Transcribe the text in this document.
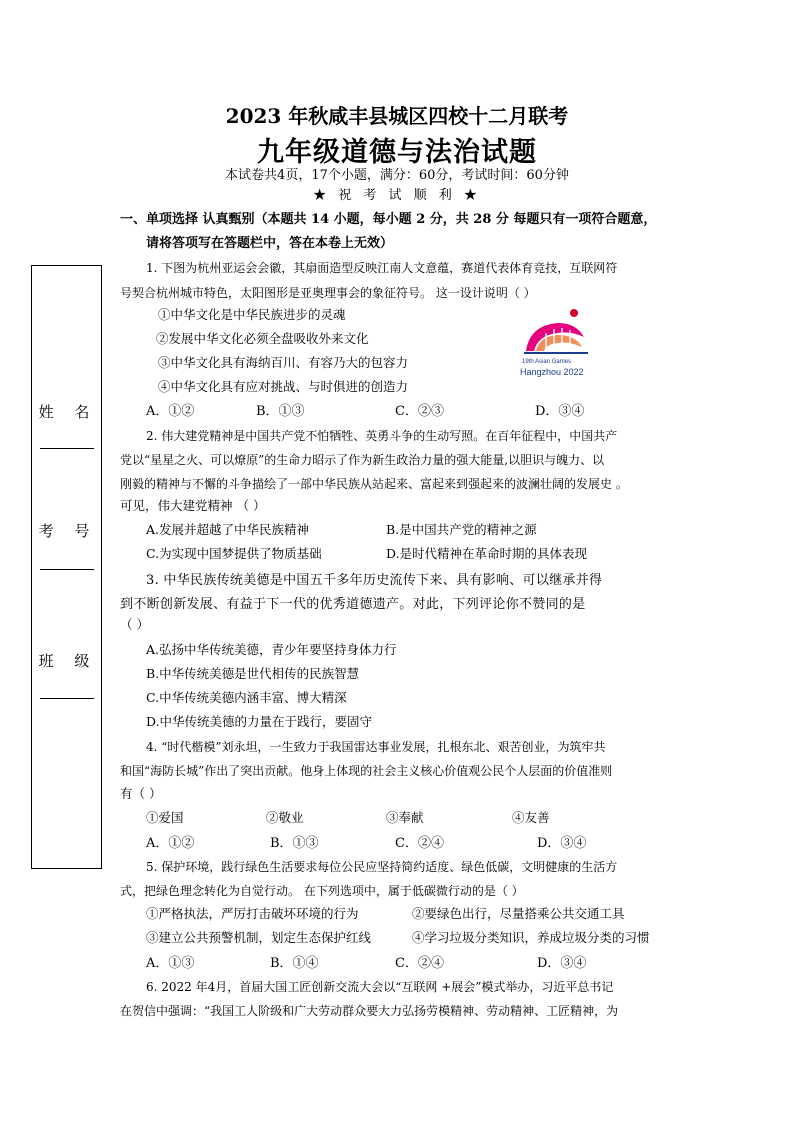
2023 年秋咸丰县城区四校十二月联考
九年级道德与法治试题
本试卷共4页，17个小题，满分：60分，考试时间：60分钟
★ 祝 考 试 顺 利 ★
一、单项选择 认真甄别（本题共 14 小题，每小题 2 分，共 28 分 每题只有一项符合题意，
请将答项写在答题栏中，答在本卷上无效）
姓 名
考 号
班 级
1. 下图为杭州亚运会会徽，其扇面造型反映江南人文意蕴，赛道代表体育竞技，互联网符
号契合杭州城市特色，太阳图形是亚奥理事会的象征符号。 这一设计说明（ ）
①中华文化是中华民族进步的灵魂
②发展中华文化必须全盘吸收外来文化
③中华文化具有海纳百川、有容乃大的包容力
④中华文化具有应对挑战、与时俱进的创造力
A．①②	B．①③	C．②③	D．③④
19th Asian Games
Hangzhou 2022
2. 伟大建党精神是中国共产党不怕牺牲、英勇斗争的生动写照。在百年征程中，中国共产
党以“星星之火、可以燎原”的生命力昭示了作为新生政治力量的强大能量,以胆识与魄力、以
刚毅的精神与不懈的斗争描绘了一部中华民族从站起来、富起来到强起来的波澜壮阔的发展史 。
可见，伟大建党精神 （ ）
A.发展并超越了中华民族精神	B.是中国共产党的精神之源
C.为实现中国梦提供了物质基础	D.是时代精神在革命时期的具体表现
3. 中华民族传统美德是中国五千多年历史流传下来、具有影响、可以继承并得
到不断创新发展、有益于下一代的优秀道德遗产。对此，下列评论你不赞同的是
（ ）
A.弘扬中华传统美德，青少年要坚持身体力行
B.中华传统美德是世代相传的民族智慧
C.中华传统美德内涵丰富、博大精深
D.中华传统美德的力量在于践行，要固守
4. “时代楷模”刘永坦，一生致力于我国雷达事业发展，扎根东北、艰苦创业，为筑牢共
和国“海防长城”作出了突出贡献。他身上体现的社会主义核心价值观公民个人层面的价值准则
有（ ）
①爱国	②敬业	③奉献	④友善
A．①②	B．①③	C．②④	D．③④
5. 保护环境，践行绿色生活要求每位公民应坚持简约适度、绿色低碳，文明健康的生活方
式，把绿色理念转化为自觉行动。 在下列选项中，属于低碳微行动的是（ ）
①严格执法，严厉打击破坏环境的行为	②要绿色出行，尽量搭乘公共交通工具
③建立公共预警机制，划定生态保护红线	④学习垃圾分类知识，养成垃圾分类的习惯
A．①③	B．①④	C．②④	D．③④
6. 2022 年4月，首届大国工匠创新交流大会以“互联网 +展会”模式举办，习近平总书记
在贺信中强调：“我国工人阶级和广大劳动群众要大力弘扬劳模精神、劳动精神、工匠精神，为
